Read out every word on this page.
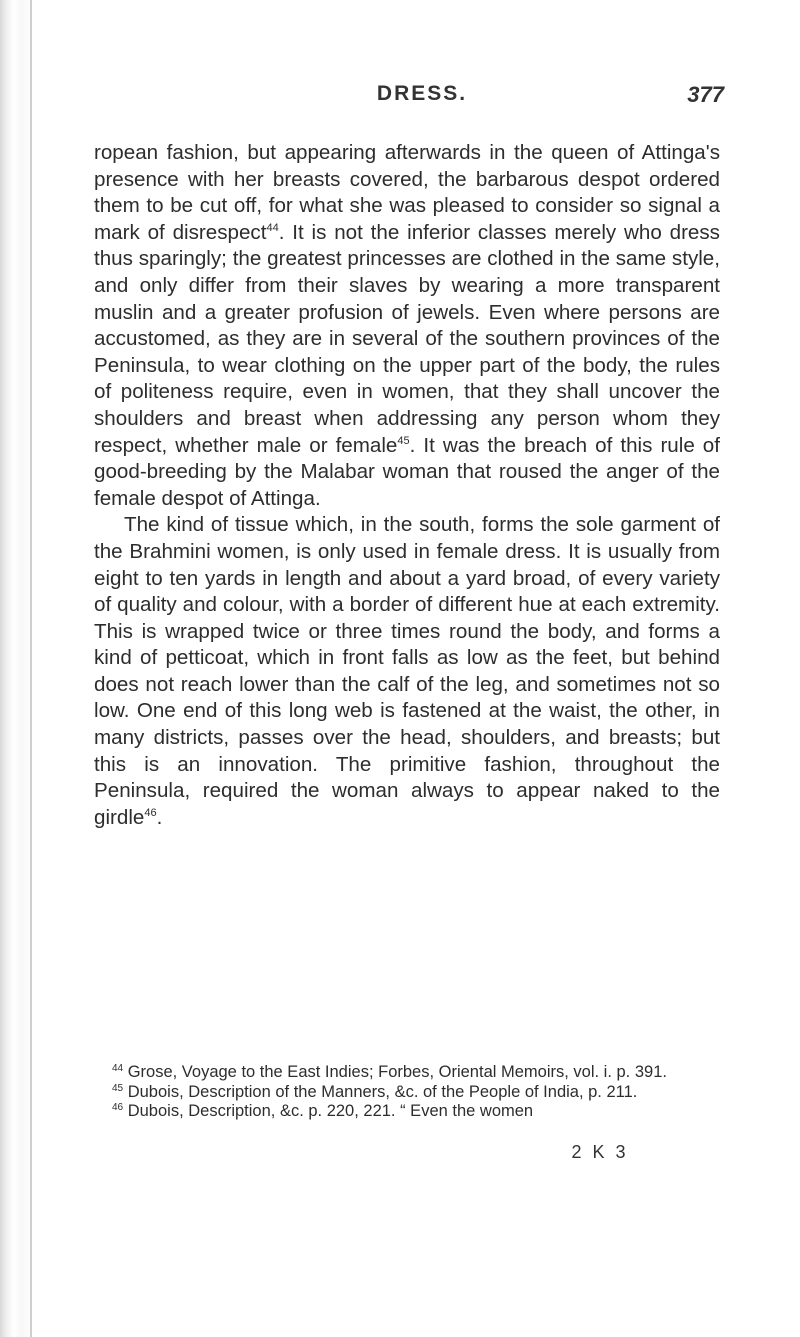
DRESS.	377

ropean fashion, but appearing afterwards in the queen of Attinga's presence with her breasts covered, the barbarous despot ordered them to be cut off, for what she was pleased to consider so signal a mark of disrespect$^{44}$. It is not the inferior classes merely who dress thus sparingly; the greatest princesses are clothed in the same style, and only differ from their slaves by wearing a more transparent muslin and a greater profusion of jewels. Even where persons are accustomed, as they are in several of the southern provinces of the Peninsula, to wear clothing on the upper part of the body, the rules of politeness require, even in women, that they shall uncover the shoulders and breast when addressing any person whom they respect, whether male or female$^{45}$. It was the breach of this rule of good-breeding by the Malabar woman that roused the anger of the female despot of Attinga.

The kind of tissue which, in the south, forms the sole garment of the Brahmini women, is only used in female dress. It is usually from eight to ten yards in length and about a yard broad, of every variety of quality and colour, with a border of different hue at each extremity. This is wrapped twice or three times round the body, and forms a kind of petticoat, which in front falls as low as the feet, but behind does not reach lower than the calf of the leg, and sometimes not so low. One end of this long web is fastened at the waist, the other, in many districts, passes over the head, shoulders, and breasts; but this is an innovation. The primitive fashion, throughout the Peninsula, required the woman always to appear naked to the girdle$^{46}$.

$^{44}$ Grose, Voyage to the East Indies; Forbes, Oriental Memoirs, vol. i. p. 391.

$^{45}$ Dubois, Description of the Manners, &c. of the People of India, p. 211.

$^{46}$ Dubois, Description, &c. p. 220, 221. “ Even the women

2 K 3
